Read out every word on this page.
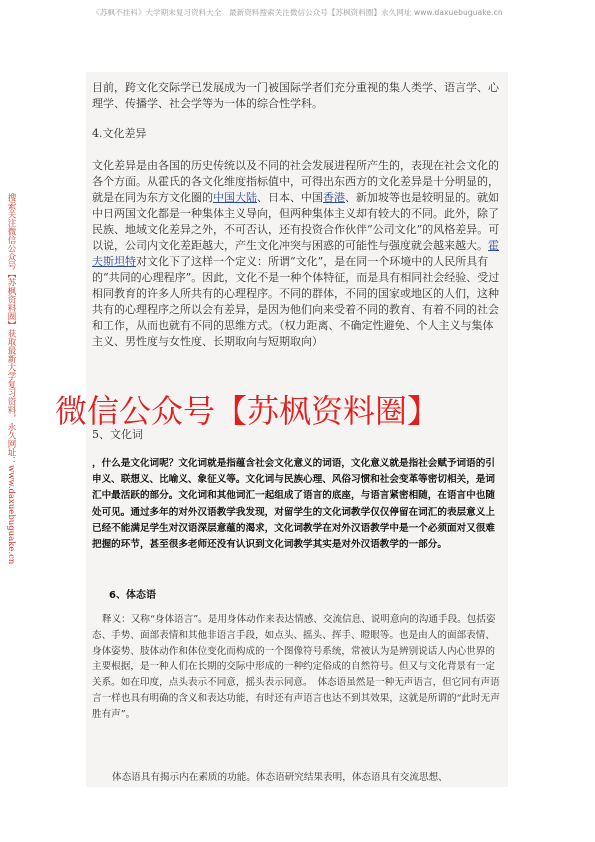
《苏枫不挂科》大学期末复习资料大全　最新资料搜索关注微信公众号【苏枫资料圈】永久网址 www.daxuebuguake.cn
搜索关注微信公众号【苏枫资料圈】获取最新大学复习资料，永久网址：www.daxuebuguake.cn

目前，跨文化交际学已发展成为一门被国际学者们充分重视的集人类学、语言学、心理学、传播学、社会学等为一体的综合性学科。

4.文化差异

文化差异是由各国的历史传统以及不同的社会发展进程所产生的，表现在社会文化的各个方面。从霍氏的各文化维度指标值中，可得出东西方的文化差异是十分明显的，就是在同为东方文化圈的中国大陆、日本、中国香港、新加坡等也是较明显的。就如中日两国文化都是一种集体主义导向，但两种集体主义却有较大的不同。此外，除了民族、地域文化差异之外，不可否认，还有投资合作伙伴“公司文化”的风格差异。可以说，公司内文化差距越大，产生文化冲突与困惑的可能性与强度就会越来越大。霍夫斯坦特对文化下了这样一个定义：所谓“文化”，是在同一个环境中的人民所具有的“共同的心理程序”。因此，文化不是一种个体特征，而是具有相同社会经验、受过相同教育的许多人所共有的心理程序。不同的群体，不同的国家或地区的人们，这种共有的心理程序之所以会有差异，是因为他们向来受着不同的教育、有着不同的社会和工作，从而也就有不同的思维方式。（权力距离、不确定性避免、个人主义与集体主义、男性度与女性度、长期取向与短期取向）

5、文化词

微信公众号【苏枫资料圈】

，什么是文化词呢？文化词就是指蕴含社会文化意义的词语，文化意义就是指社会赋予词语的引申义、联想义、比喻义、象征义等。文化词与民族心理、风俗习惯和社会变革等密切相关，是词汇中最活跃的部分。文化词和其他词汇一起组成了语言的底座，与语言紧密相随，在语言中也随处可见。通过多年的对外汉语教学我发现，对留学生的文化词教学仅仅停留在词汇的表层意义上已经不能满足学生对汉语深层意蕴的渴求，文化词教学在对外汉语教学中是一个必须面对又很难把握的环节，甚至很多老师还没有认识到文化词教学其实是对外汉语教学的一部分。

6、体态语

释义：又称“身体语言”。是用身体动作来表达情感、交流信息、说明意向的沟通手段。包括姿态、手势、面部表情和其他非语言手段，如点头、摇头、挥手、瞪眼等。也是由人的面部表情、身体姿势、肢体动作和体位变化而构成的一个图像符号系统，常被认为是辨别说话人内心世界的主要根据，是一种人们在长期的交际中形成的一种约定俗成的自然符号。但又与文化背景有一定关系。如在印度，点头表示不同意，摇头表示同意。　体态语虽然是一种无声语言，但它同有声语言一样也具有明确的含义和表达功能，有时还有声语言也达不到其效果，这就是所谓的“此时无声胜有声”。

体态语具有揭示内在素质的功能。体态语研究结果表明，体态语具有交流思想、
